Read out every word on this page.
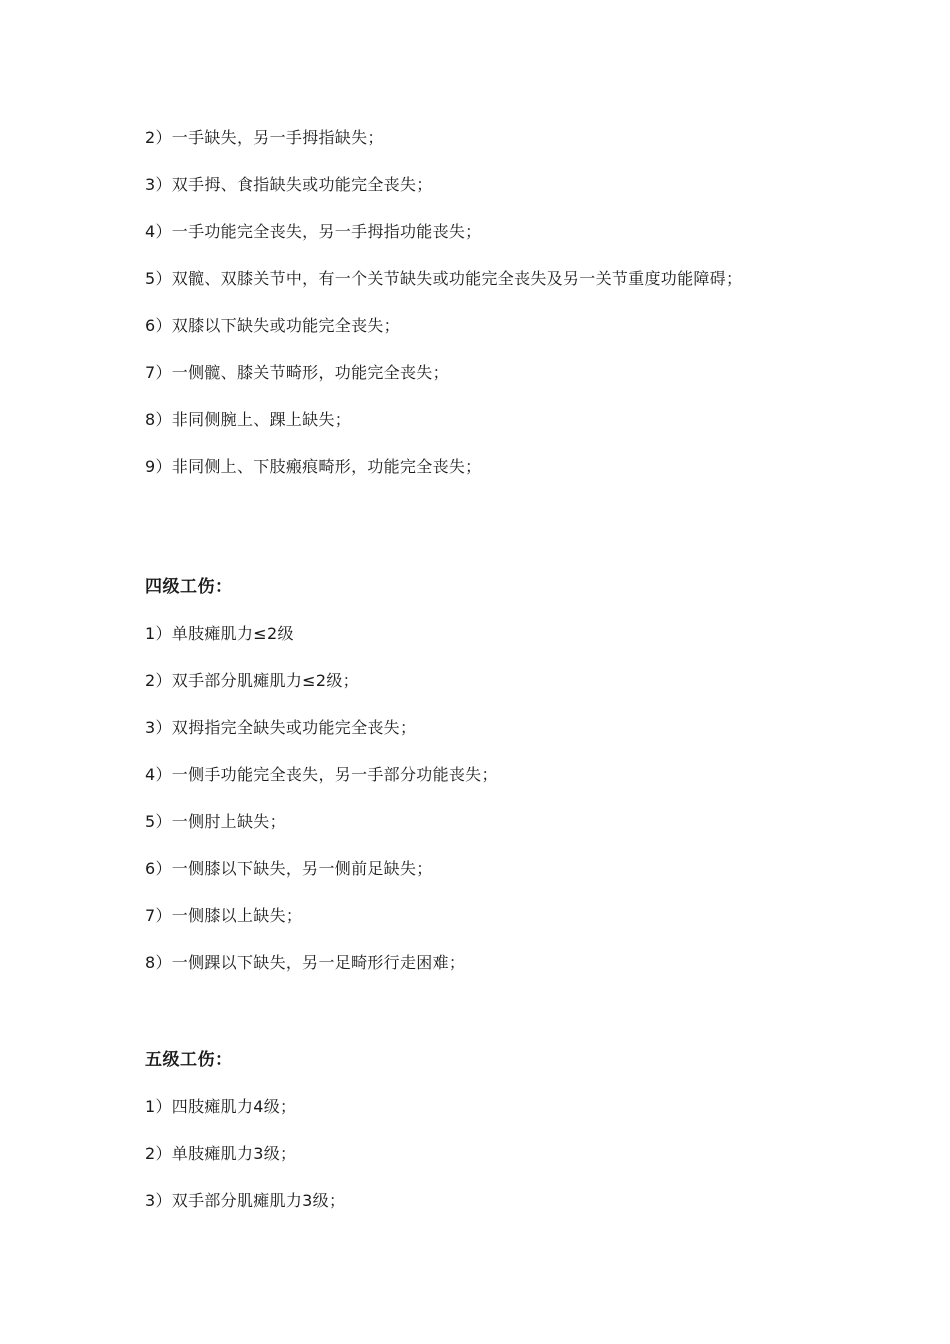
2）一手缺失，另一手拇指缺失；

3）双手拇、食指缺失或功能完全丧失；

4）一手功能完全丧失，另一手拇指功能丧失；

5）双髋、双膝关节中，有一个关节缺失或功能完全丧失及另一关节重度功能障碍；

6）双膝以下缺失或功能完全丧失；

7）一侧髋、膝关节畸形，功能完全丧失；

8）非同侧腕上、踝上缺失；

9）非同侧上、下肢瘢痕畸形，功能完全丧失；

四级工伤：

1）单肢瘫肌力≤2级

2）双手部分肌瘫肌力≤2级；

3）双拇指完全缺失或功能完全丧失；

4）一侧手功能完全丧失，另一手部分功能丧失；

5）一侧肘上缺失；

6）一侧膝以下缺失，另一侧前足缺失；

7）一侧膝以上缺失；

8）一侧踝以下缺失，另一足畸形行走困难；

五级工伤：

1）四肢瘫肌力4级；

2）单肢瘫肌力3级；

3）双手部分肌瘫肌力3级；
